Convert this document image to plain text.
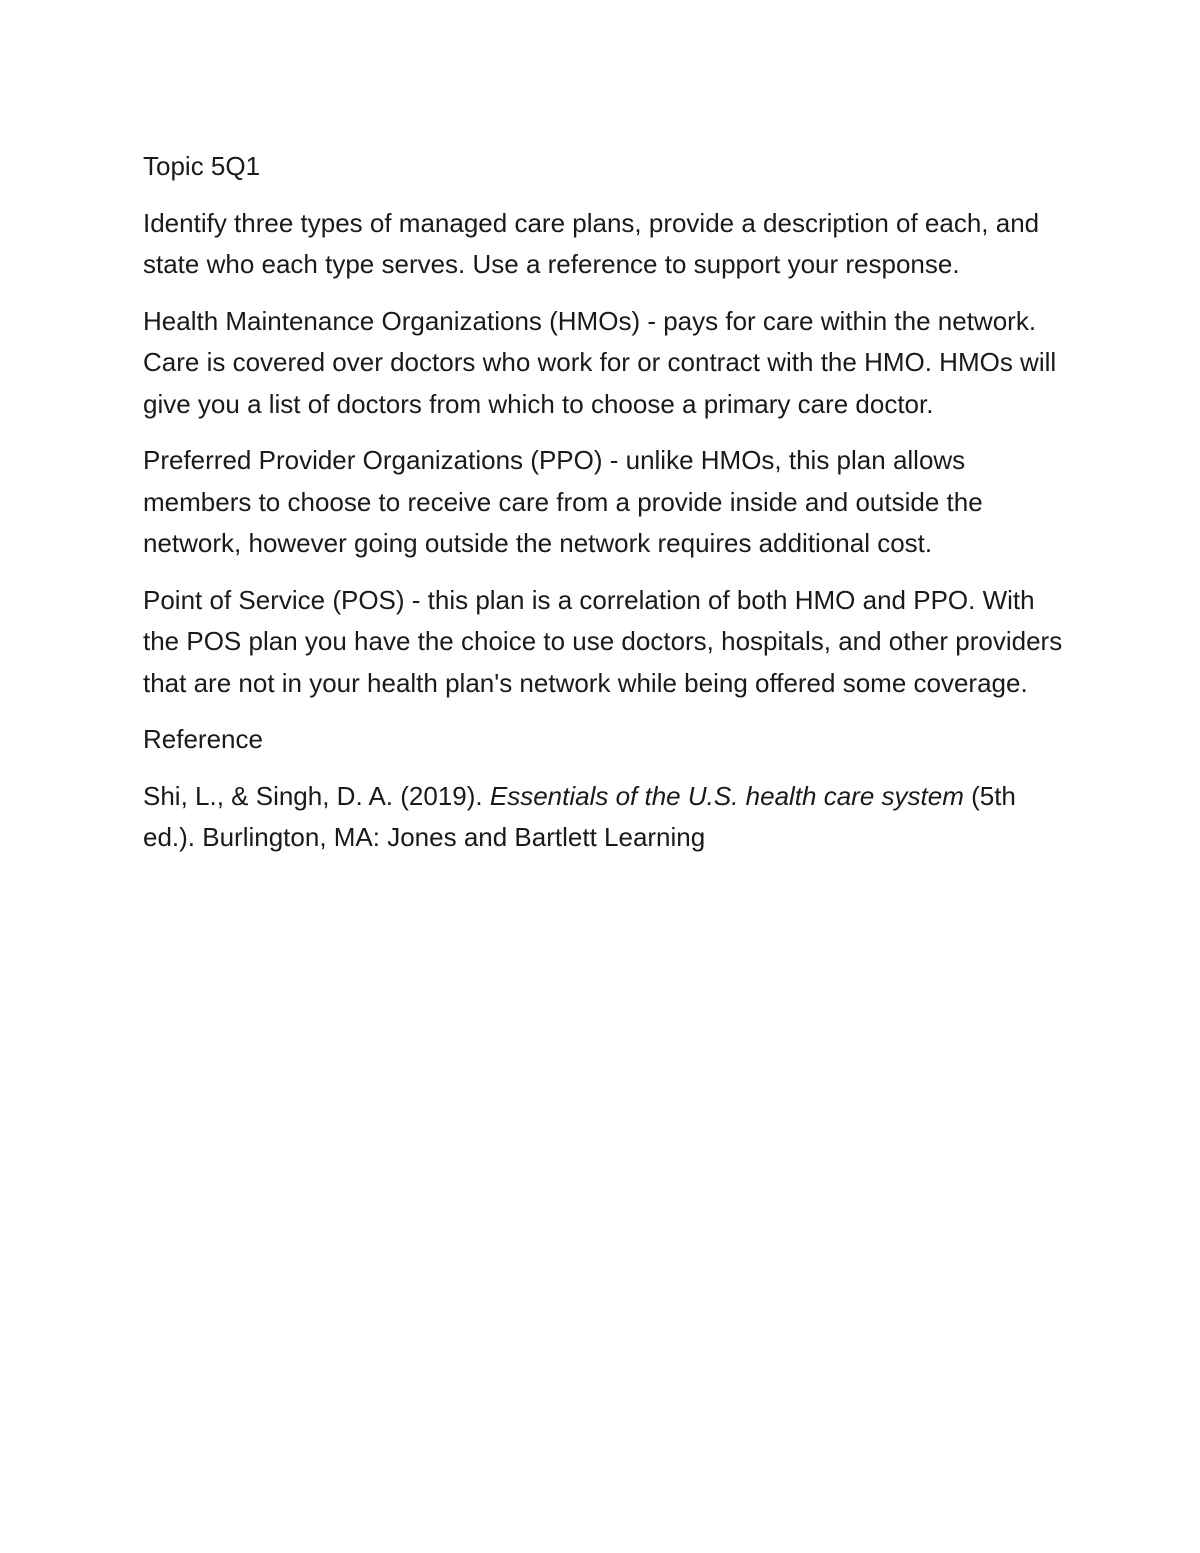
Topic 5Q1

Identify three types of managed care plans, provide a description of each, and state who each type serves. Use a reference to support your response.

Health Maintenance Organizations (HMOs) - pays for care within the network. Care is covered over doctors who work for or contract with the HMO. HMOs will give you a list of doctors from which to choose a primary care doctor.

Preferred Provider Organizations (PPO) - unlike HMOs, this plan allows members to choose to receive care from a provide inside and outside the network, however going outside the network requires additional cost.

Point of Service (POS) - this plan is a correlation of both HMO and PPO. With the POS plan you have the choice to use doctors, hospitals, and other providers that are not in your health plan's network while being offered some coverage.

Reference

Shi, L., & Singh, D. A. (2019). Essentials of the U.S. health care system (5th ed.). Burlington, MA: Jones and Bartlett Learning
